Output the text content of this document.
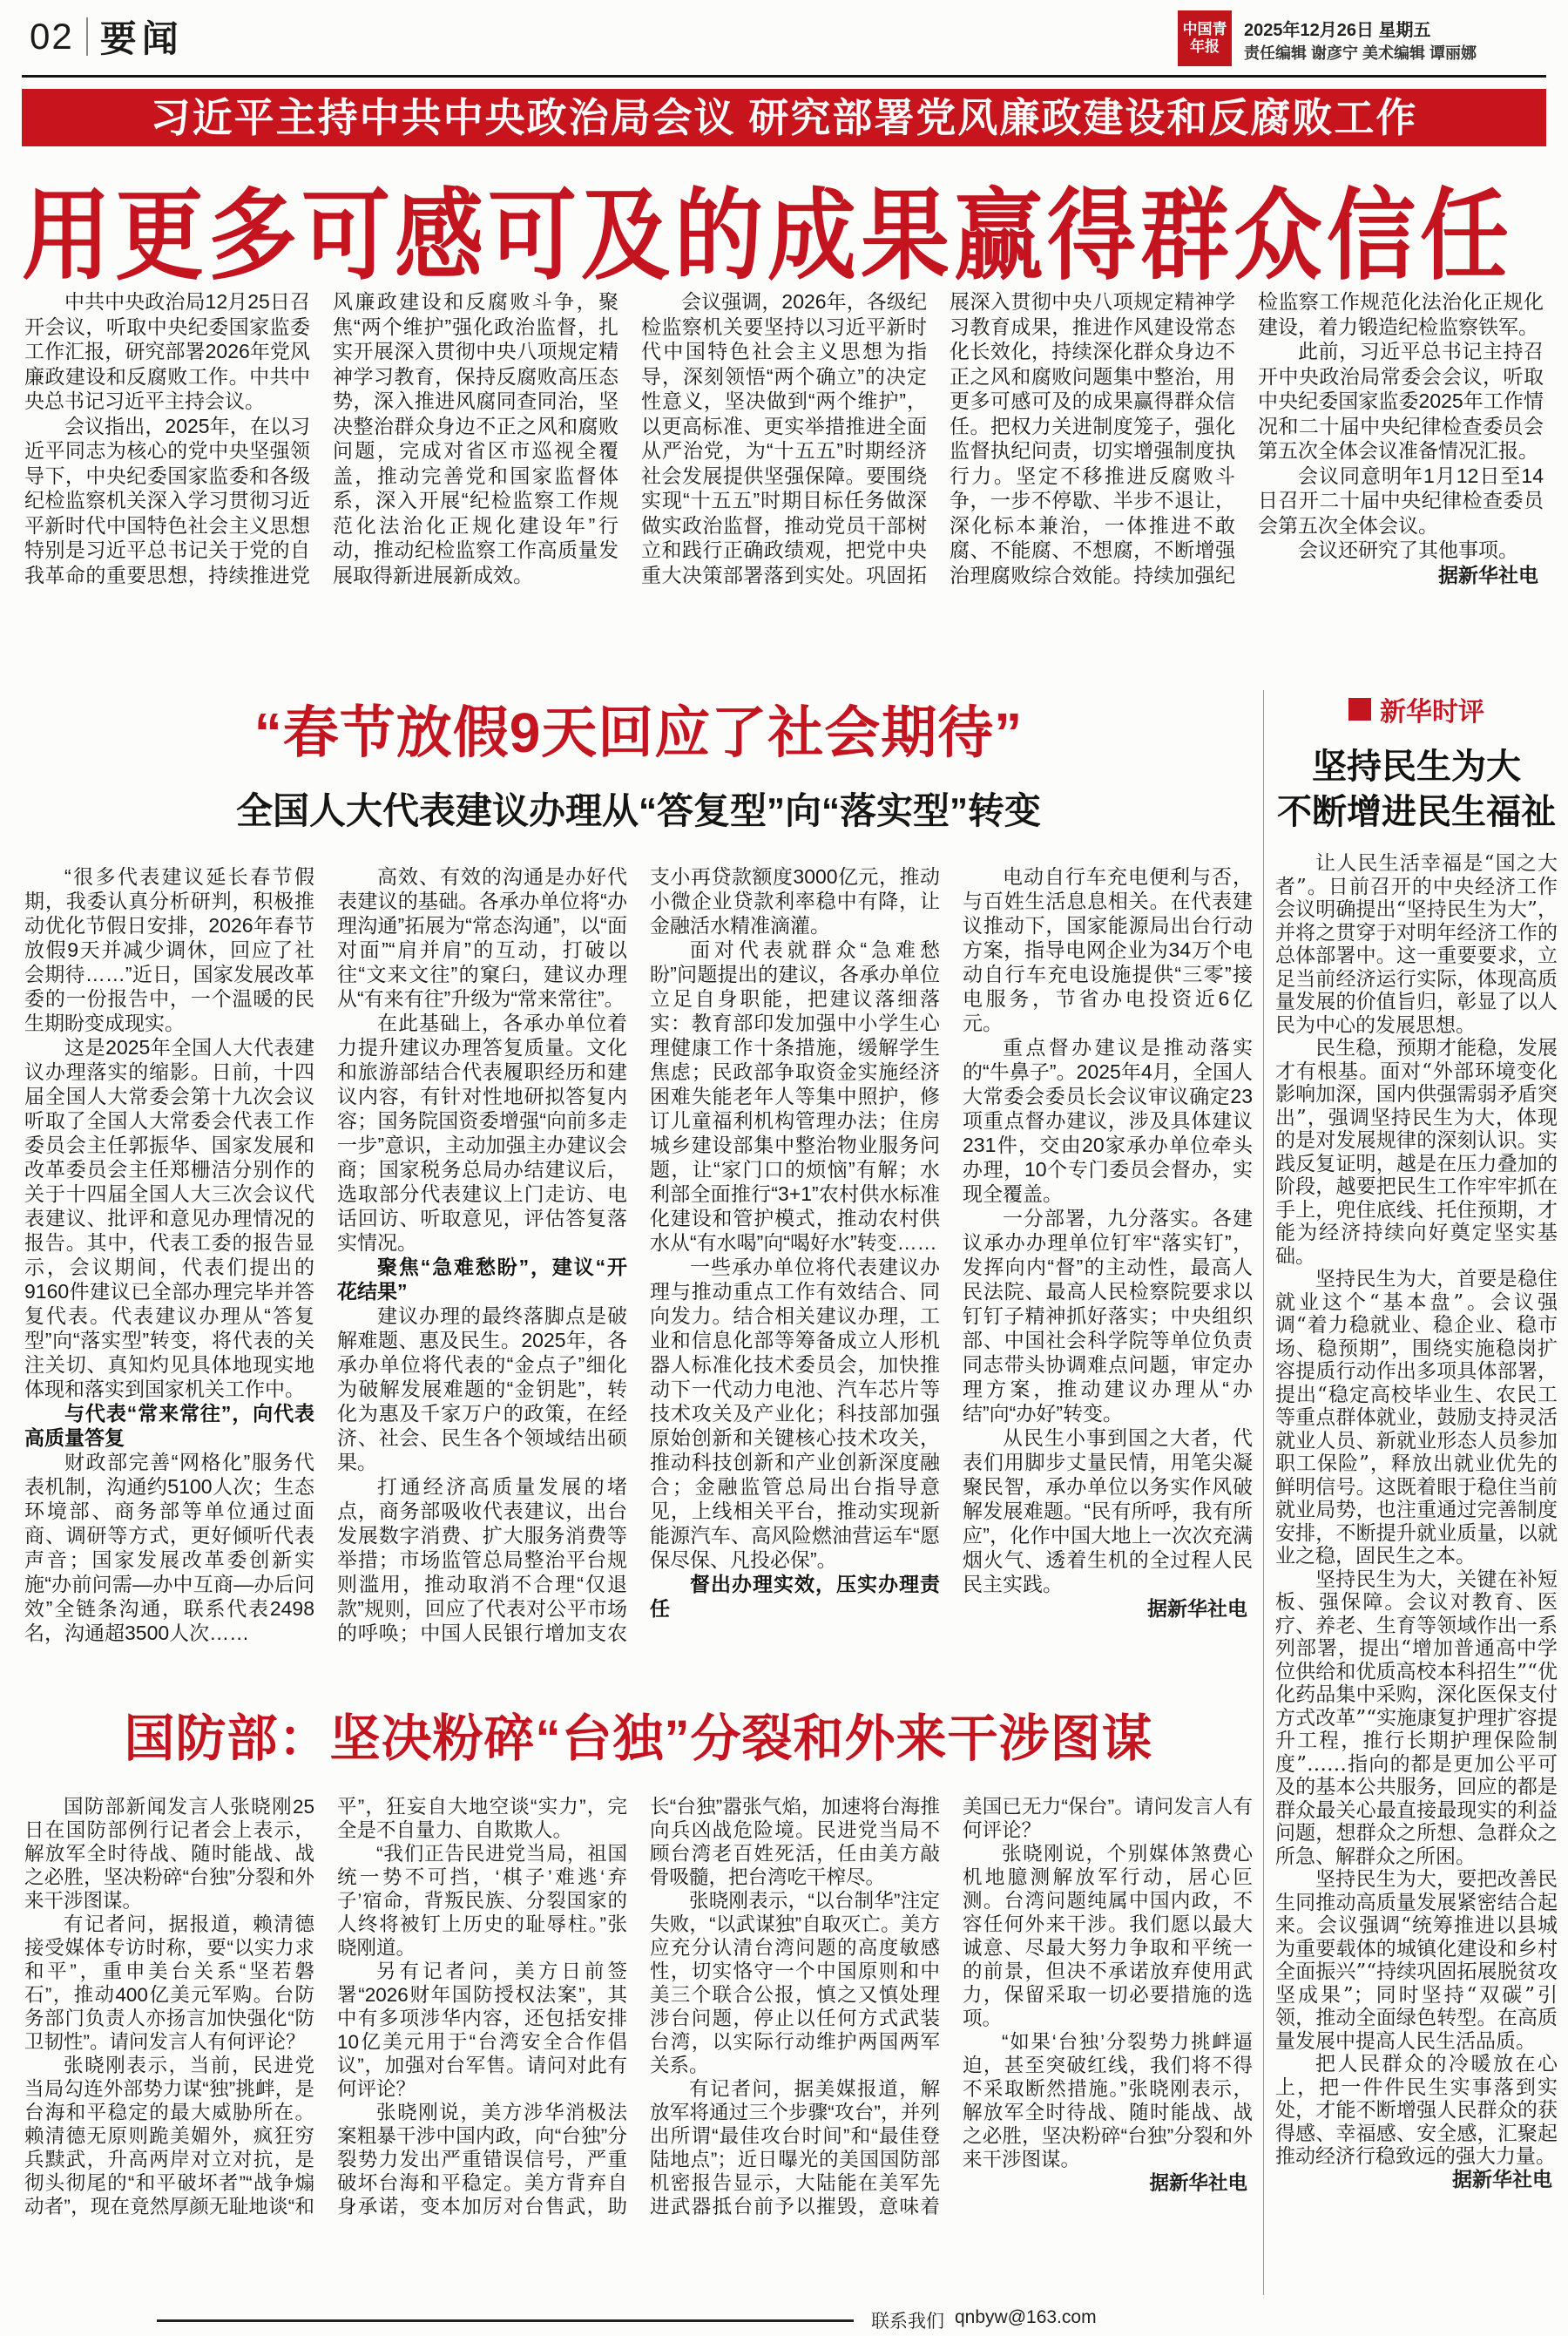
02 要闻	中国青年报
2025年12月26日 星期五
责任编辑 谢彦宁 美术编辑 谭丽娜
习近平主持中共中央政治局会议 研究部署党风廉政建设和反腐败工作
用更多可感可及的成果赢得群众信任

中共中央政治局12月25日召开会议，听取中央纪委国家监委工作汇报，研究部署2026年党风廉政建设和反腐败工作。中共中央总书记习近平主持会议。

会议指出，2025年，在以习近平同志为核心的党中央坚强领导下，中央纪委国家监委和各级纪检监察机关深入学习贯彻习近平新时代中国特色社会主义思想特别是习近平总书记关于党的自我革命的重要思想，持续推进党风廉政建设和反腐败斗争，聚焦“两个维护”强化政治监督，扎实开展深入贯彻中央八项规定精神学习教育，保持反腐败高压态势，深入推进风腐同查同治，坚决整治群众身边不正之风和腐败问题，完成对省区市巡视全覆盖，推动完善党和国家监督体系，深入开展“纪检监察工作规范化法治化正规化建设年”行动，推动纪检监察工作高质量发展取得新进展新成效。

会议强调，2026年，各级纪检监察机关要坚持以习近平新时代中国特色社会主义思想为指导，深刻领悟“两个确立”的决定性意义，坚决做到“两个维护”，以更高标准、更实举措推进全面从严治党，为“十五五”时期经济社会发展提供坚强保障。要围绕实现“十五五”时期目标任务做深做实政治监督，推动党员干部树立和践行正确政绩观，把党中央重大决策部署落到实处。巩固拓展深入贯彻中央八项规定精神学习教育成果，推进作风建设常态化长效化，持续深化群众身边不正之风和腐败问题集中整治，用更多可感可及的成果赢得群众信任。把权力关进制度笼子，强化监督执纪问责，切实增强制度执行力。坚定不移推进反腐败斗争，一步不停歇、半步不退让，深化标本兼治，一体推进不敢腐、不能腐、不想腐，不断增强治理腐败综合效能。持续加强纪检监察工作规范化法治化正规化建设，着力锻造纪检监察铁军。

此前，习近平总书记主持召开中央政治局常委会会议，听取中央纪委国家监委2025年工作情况和二十届中央纪律检查委员会第五次全体会议准备情况汇报。

会议同意明年1月12日至14日召开二十届中央纪律检查委员会第五次全体会议。

会议还研究了其他事项。

据新华社电

“春节放假9天回应了社会期待”
全国人大代表建议办理从“答复型”向“落实型”转变

“很多代表建议延长春节假期，我委认真分析研判，积极推动优化节假日安排，2026年春节放假9天并减少调休，回应了社会期待……”近日，国家发展改革委的一份报告中，一个温暖的民生期盼变成现实。

这是2025年全国人大代表建议办理落实的缩影。日前，十四届全国人大常委会第十九次会议听取了全国人大常委会代表工作委员会主任郭振华、国家发展和改革委员会主任郑栅洁分别作的关于十四届全国人大三次会议代表建议、批评和意见办理情况的报告。其中，代表工委的报告显示，会议期间，代表们提出的9160件建议已全部办理完毕并答复代表。代表建议办理从“答复型”向“落实型”转变，将代表的关注关切、真知灼见具体地现实地体现和落实到国家机关工作中。

与代表“常来常往”，向代表高质量答复

财政部完善“网格化”服务代表机制，沟通约5100人次；生态环境部、商务部等单位通过面商、调研等方式，更好倾听代表声音；国家发展改革委创新实施“办前问需—办中互商—办后问效”全链条沟通，联系代表2498名，沟通超3500人次……

高效、有效的沟通是办好代表建议的基础。各承办单位将“办理沟通”拓展为“常态沟通”，以“面对面”“肩并肩”的互动，打破以往“文来文往”的窠臼，建议办理从“有来有往”升级为“常来常往”。

在此基础上，各承办单位着力提升建议办理答复质量。文化和旅游部结合代表履职经历和建议内容，有针对性地研拟答复内容；国务院国资委增强“向前多走一步”意识，主动加强主办建议会商；国家税务总局办结建议后，选取部分代表建议上门走访、电话回访、听取意见，评估答复落实情况。

聚焦“急难愁盼”，建议“开花结果”

建议办理的最终落脚点是破解难题、惠及民生。2025年，各承办单位将代表的“金点子”细化为破解发展难题的“金钥匙”，转化为惠及千家万户的政策，在经济、社会、民生各个领域结出硕果。

打通经济高质量发展的堵点，商务部吸收代表建议，出台发展数字消费、扩大服务消费等举措；市场监管总局整治平台规则滥用，推动取消不合理“仅退款”规则，回应了代表对公平市场的呼唤；中国人民银行增加支农支小再贷款额度3000亿元，推动小微企业贷款利率稳中有降，让金融活水精准滴灌。

面对代表就群众“急难愁盼”问题提出的建议，各承办单位立足自身职能，把建议落细落实：教育部印发加强中小学生心理健康工作十条措施，缓解学生焦虑；民政部争取资金实施经济困难失能老年人等集中照护，修订儿童福利机构管理办法；住房城乡建设部集中整治物业服务问题，让“家门口的烦恼”有解；水利部全面推行“3+1”农村供水标准化建设和管护模式，推动农村供水从“有水喝”向“喝好水”转变……

一些承办单位将代表建议办理与推动重点工作有效结合、同向发力。结合相关建议办理，工业和信息化部等筹备成立人形机器人标准化技术委员会，加快推动下一代动力电池、汽车芯片等技术攻关及产业化；科技部加强原始创新和关键核心技术攻关，推动科技创新和产业创新深度融合；金融监管总局出台指导意见，上线相关平台，推动实现新能源汽车、高风险燃油营运车“愿保尽保、凡投必保”。

督出办理实效，压实办理责任

电动自行车充电便利与否，与百姓生活息息相关。在代表建议推动下，国家能源局出台行动方案，指导电网企业为34万个电动自行车充电设施提供“三零”接电服务，节省办电投资近6亿元。

重点督办建议是推动落实的“牛鼻子”。2025年4月，全国人大常委会委员长会议审议确定23项重点督办建议，涉及具体建议231件，交由20家承办单位牵头办理，10个专门委员会督办，实现全覆盖。

一分部署，九分落实。各建议承办办理单位钉牢“落实钉”，发挥向内“督”的主动性，最高人民法院、最高人民检察院要求以钉钉子精神抓好落实；中央组织部、中国社会科学院等单位负责同志带头协调难点问题，审定办理方案，推动建议办理从“办结”向“办好”转变。

从民生小事到国之大者，代表们用脚步丈量民情，用笔尖凝聚民智，承办单位以务实作风破解发展难题。“民有所呼，我有所应”，化作中国大地上一次次充满烟火气、透着生机的全过程人民民主实践。

据新华社电

国防部：坚决粉碎“台独”分裂和外来干涉图谋

国防部新闻发言人张晓刚25日在国防部例行记者会上表示，解放军全时待战、随时能战、战之必胜，坚决粉碎“台独”分裂和外来干涉图谋。

有记者问，据报道，赖清德接受媒体专访时称，要“以实力求和平”，重申美台关系“坚若磐石”，推动400亿美元军购。台防务部门负责人亦扬言加快强化“防卫韧性”。请问发言人有何评论？

张晓刚表示，当前，民进党当局勾连外部势力谋“独”挑衅，是台海和平稳定的最大威胁所在。赖清德无原则跪美媚外，疯狂穷兵黩武，升高两岸对立对抗，是彻头彻尾的“和平破坏者”“战争煽动者”，现在竟然厚颜无耻地谈“和平”，狂妄自大地空谈“实力”，完全是不自量力、自欺欺人。

“我们正告民进党当局，祖国统一势不可挡，‘棋子’难逃‘弃子’宿命，背叛民族、分裂国家的人终将被钉上历史的耻辱柱。”张晓刚道。

另有记者问，美方日前签署“2026财年国防授权法案”，其中有多项涉华内容，还包括安排10亿美元用于“台湾安全合作倡议”，加强对台军售。请问对此有何评论？

张晓刚说，美方涉华消极法案粗暴干涉中国内政，向“台独”分裂势力发出严重错误信号，严重破坏台海和平稳定。美方背弃自身承诺，变本加厉对台售武，助长“台独”嚣张气焰，加速将台海推向兵凶战危险境。民进党当局不顾台湾老百姓死活，任由美方敲骨吸髓，把台湾吃干榨尽。

张晓刚表示，“以台制华”注定失败，“以武谋独”自取灭亡。美方应充分认清台湾问题的高度敏感性，切实恪守一个中国原则和中美三个联合公报，慎之又慎处理涉台问题，停止以任何方式武装台湾，以实际行动维护两国两军关系。

有记者问，据美媒报道，解放军将通过三个步骤“攻台”，并列出所谓“最佳攻台时间”和“最佳登陆地点”；近日曝光的美国国防部机密报告显示，大陆能在美军先进武器抵台前予以摧毁，意味着美国已无力“保台”。请问发言人有何评论？

张晓刚说，个别媒体煞费心机地臆测解放军行动，居心叵测。台湾问题纯属中国内政，不容任何外来干涉。我们愿以最大诚意、尽最大努力争取和平统一的前景，但决不承诺放弃使用武力，保留采取一切必要措施的选项。

“如果‘台独’分裂势力挑衅逼迫，甚至突破红线，我们将不得不采取断然措施。”张晓刚表示，解放军全时待战、随时能战、战之必胜，坚决粉碎“台独”分裂和外来干涉图谋。

据新华社电

新华时评
坚持民生为大
不断增进民生福祉

让人民生活幸福是“国之大者”。日前召开的中央经济工作会议明确提出“坚持民生为大”，并将之贯穿于对明年经济工作的总体部署中。这一重要要求，立足当前经济运行实际，体现高质量发展的价值旨归，彰显了以人民为中心的发展思想。

民生稳，预期才能稳，发展才有根基。面对“外部环境变化影响加深，国内供强需弱矛盾突出”，强调坚持民生为大，体现的是对发展规律的深刻认识。实践反复证明，越是在压力叠加的阶段，越要把民生工作牢牢抓在手上，兜住底线、托住预期，才能为经济持续向好奠定坚实基础。

坚持民生为大，首要是稳住就业这个“基本盘”。会议强调“着力稳就业、稳企业、稳市场、稳预期”，围绕实施稳岗扩容提质行动作出多项具体部署，提出“稳定高校毕业生、农民工等重点群体就业，鼓励支持灵活就业人员、新就业形态人员参加职工保险”，释放出就业优先的鲜明信号。这既着眼于稳住当前就业局势，也注重通过完善制度安排，不断提升就业质量，以就业之稳，固民生之本。

坚持民生为大，关键在补短板、强保障。会议对教育、医疗、养老、生育等领域作出一系列部署，提出“增加普通高中学位供给和优质高校本科招生”“优化药品集中采购，深化医保支付方式改革”“实施康复护理扩容提升工程，推行长期护理保险制度”……指向的都是更加公平可及的基本公共服务，回应的都是群众最关心最直接最现实的利益问题，想群众之所想、急群众之所急、解群众之所困。

坚持民生为大，要把改善民生同推动高质量发展紧密结合起来。会议强调“统筹推进以县城为重要载体的城镇化建设和乡村全面振兴”“持续巩固拓展脱贫攻坚成果”；同时坚持“双碳”引领，推动全面绿色转型。在高质量发展中提高人民生活品质。

把人民群众的冷暖放在心上，把一件件民生实事落到实处，才能不断增强人民群众的获得感、幸福感、安全感，汇聚起推动经济行稳致远的强大力量。

据新华社电

联系我们 qnbyw@163.com
